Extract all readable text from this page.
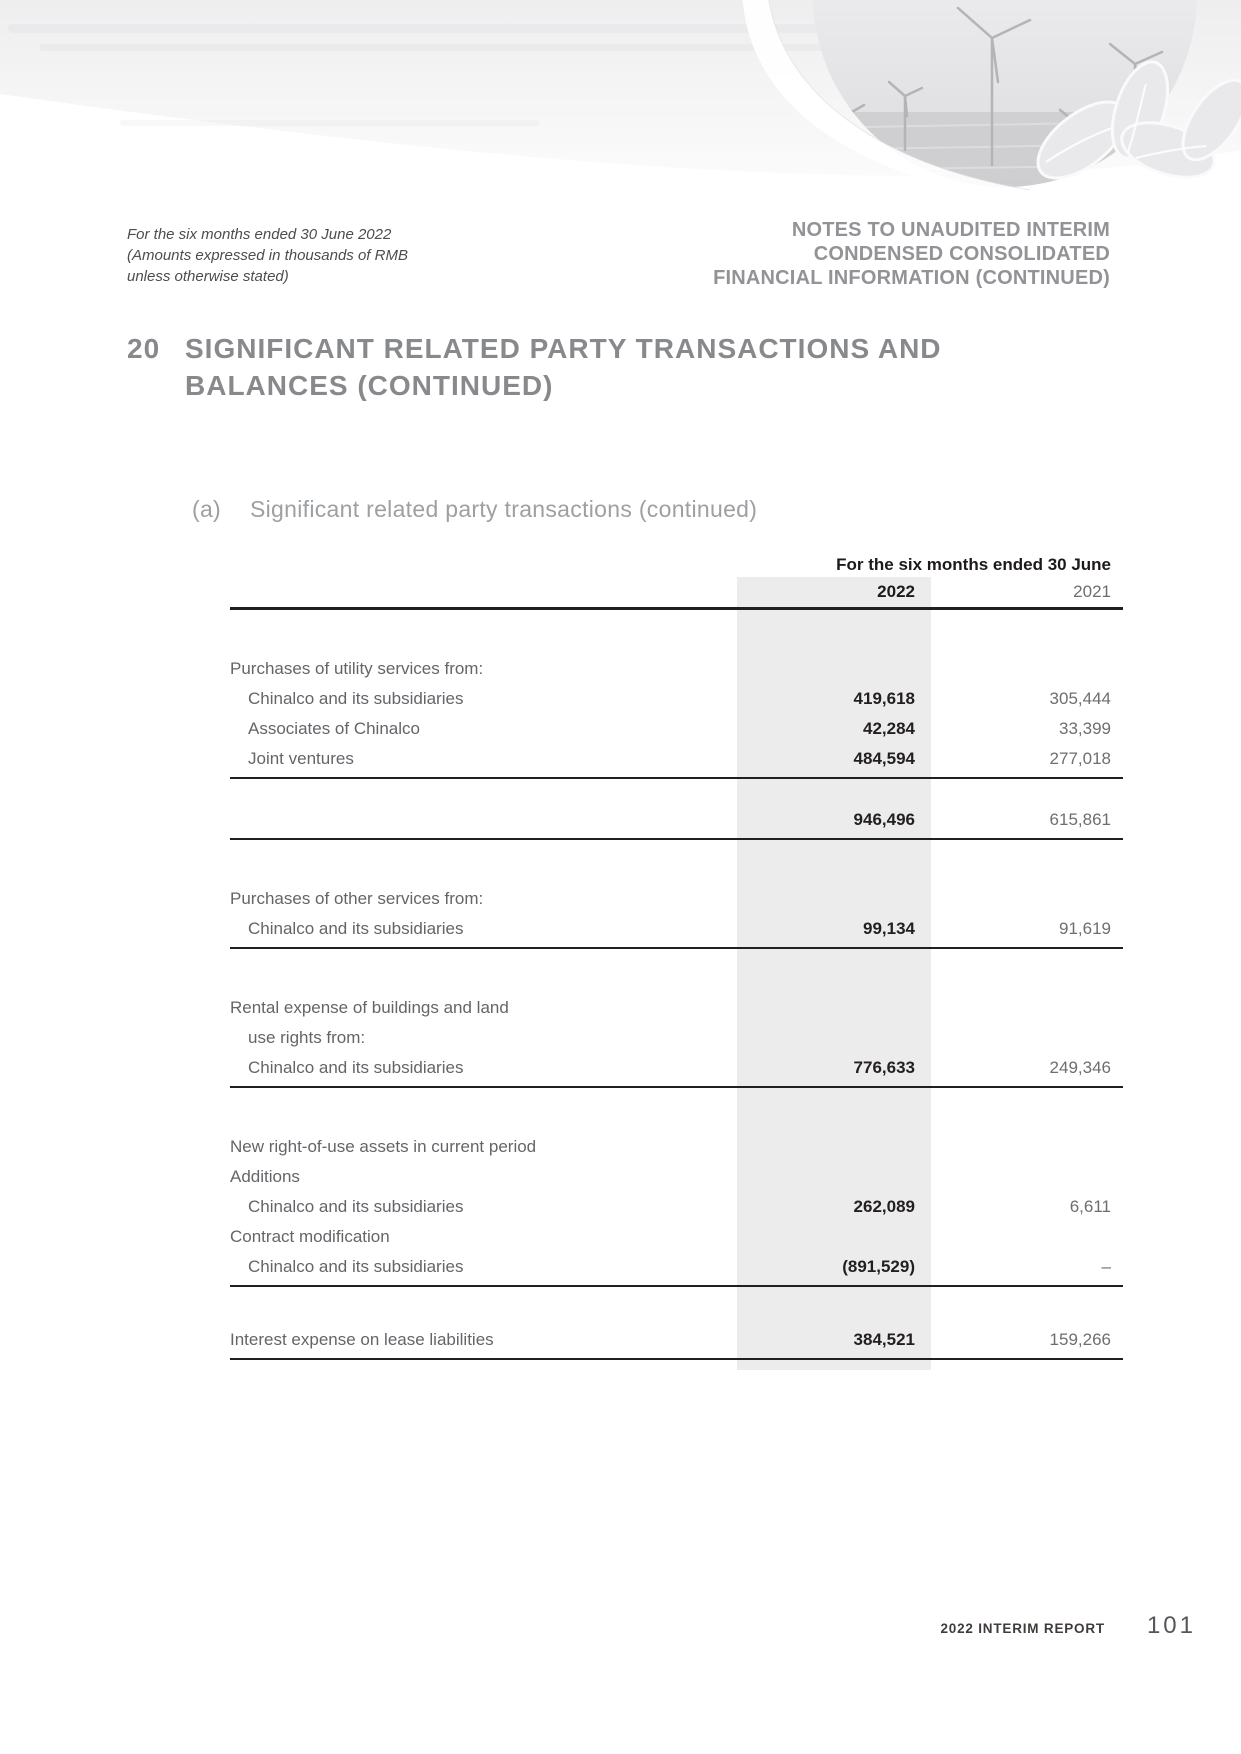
For the six months ended 30 June 2022
(Amounts expressed in thousands of RMB
unless otherwise stated)
NOTES TO UNAUDITED INTERIM
CONDENSED CONSOLIDATED
FINANCIAL INFORMATION (CONTINUED)
20 SIGNIFICANT RELATED PARTY TRANSACTIONS AND
BALANCES (CONTINUED)
(a) Significant related party transactions (continued)
For the six months ended 30 June
2022	2021
Purchases of utility services from:
Chinalco and its subsidiaries	419,618	305,444
Associates of Chinalco	42,284	33,399
Joint ventures	484,594	277,018
946,496	615,861
Purchases of other services from:
Chinalco and its subsidiaries	99,134	91,619
Rental expense of buildings and land
use rights from:
Chinalco and its subsidiaries	776,633	249,346
New right-of-use assets in current period
Additions
Chinalco and its subsidiaries	262,089	6,611
Contract modification
Chinalco and its subsidiaries	(891,529)	–
Interest expense on lease liabilities	384,521	159,266
2022 INTERIM REPORT 101
